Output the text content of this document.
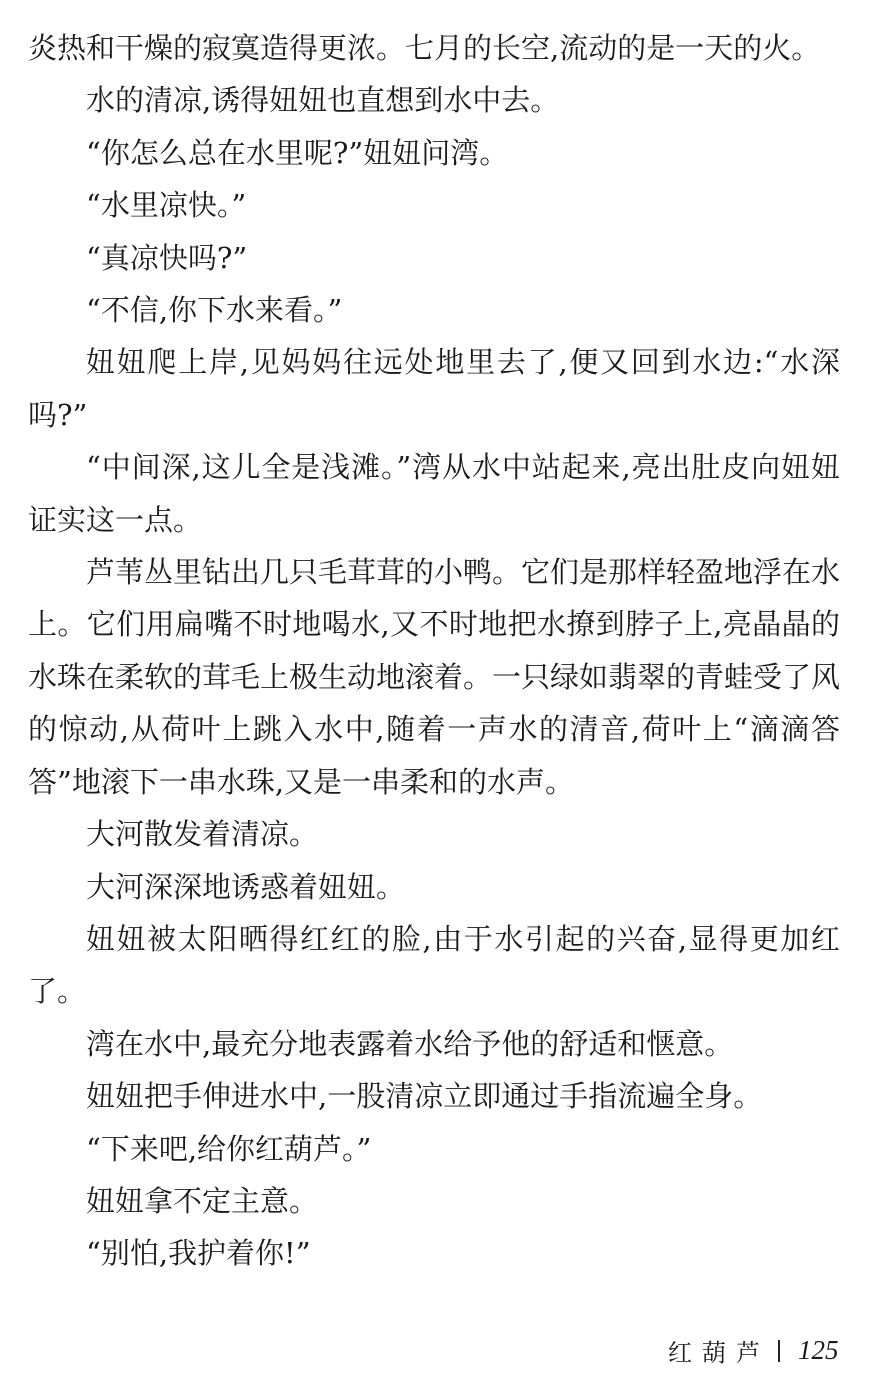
炎热和干燥的寂寞造得更浓。七月的长空,流动的是一天的火。

水的清凉,诱得妞妞也直想到水中去。

“你怎么总在水里呢?”妞妞问湾。

“水里凉快。”

“真凉快吗?”

“不信,你下水来看。”

妞妞爬上岸,见妈妈往远处地里去了,便又回到水边:“水深吗?”

“中间深,这儿全是浅滩。”湾从水中站起来,亮出肚皮向妞妞证实这一点。

芦苇丛里钻出几只毛茸茸的小鸭。它们是那样轻盈地浮在水上。它们用扁嘴不时地喝水,又不时地把水撩到脖子上,亮晶晶的水珠在柔软的茸毛上极生动地滚着。一只绿如翡翠的青蛙受了风的惊动,从荷叶上跳入水中,随着一声水的清音,荷叶上“滴滴答答”地滚下一串水珠,又是一串柔和的水声。

大河散发着清凉。

大河深深地诱惑着妞妞。

妞妞被太阳晒得红红的脸,由于水引起的兴奋,显得更加红了。

湾在水中,最充分地表露着水给予他的舒适和惬意。

妞妞把手伸进水中,一股清凉立即通过手指流遍全身。

“下来吧,给你红葫芦。”

妞妞拿不定主意。

“别怕,我护着你!”

红葫芦 125
